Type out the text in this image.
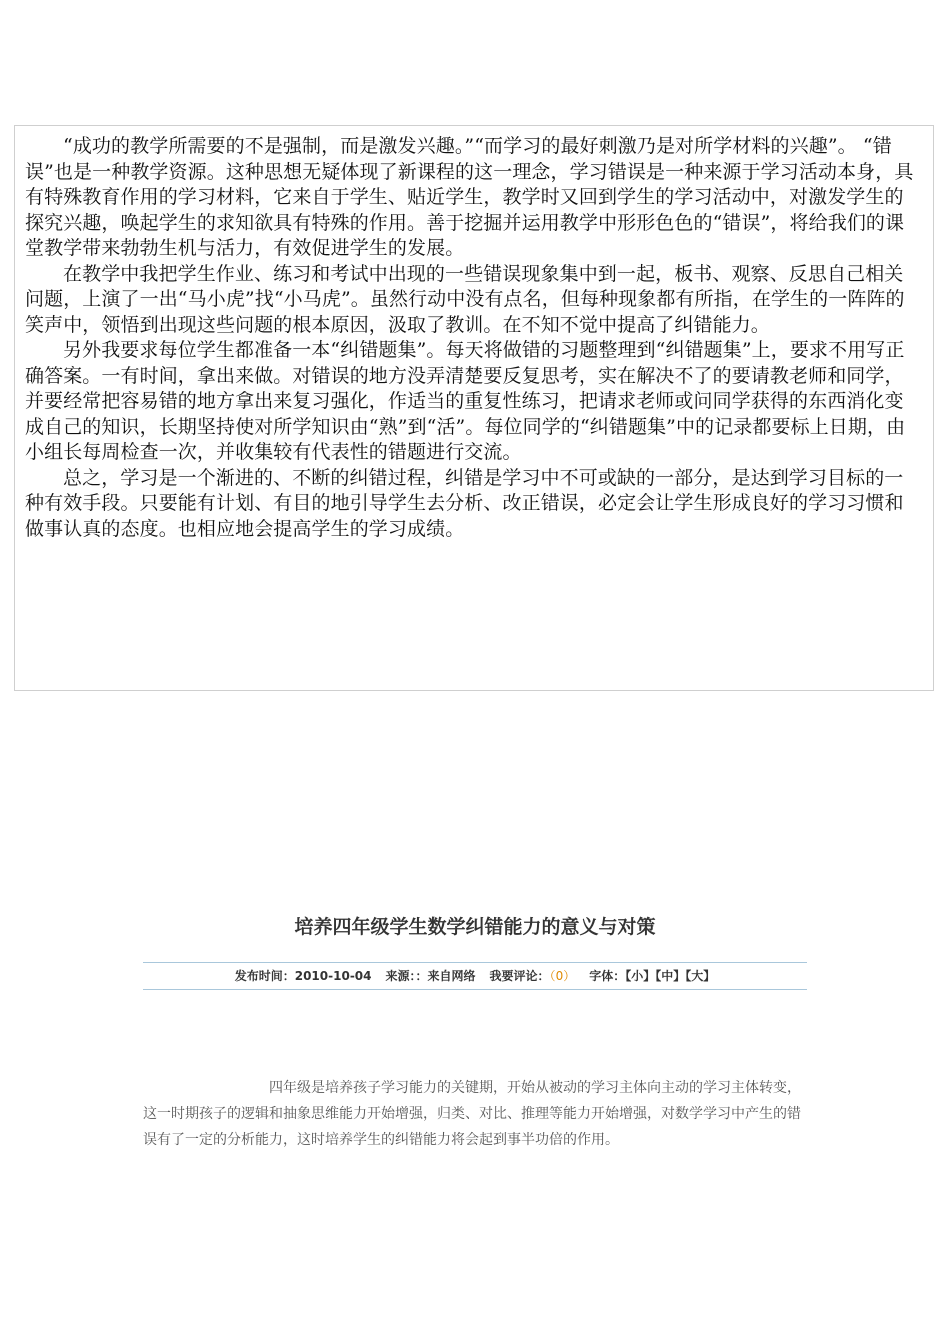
“成功的教学所需要的不是强制，而是激发兴趣。”“而学习的最好刺激乃是对所学材料的兴趣”。 “错误”也是一种教学资源。这种思想无疑体现了新课程的这一理念，学习错误是一种来源于学习活动本身，具有特殊教育作用的学习材料，它来自于学生、贴近学生，教学时又回到学生的学习活动中，对激发学生的探究兴趣，唤起学生的求知欲具有特殊的作用。善于挖掘并运用教学中形形色色的“错误”，将给我们的课堂教学带来勃勃生机与活力，有效促进学生的发展。

在教学中我把学生作业、练习和考试中出现的一些错误现象集中到一起，板书、观察、反思自己相关问题，上演了一出“马小虎”找“小马虎”。虽然行动中没有点名，但每种现象都有所指，在学生的一阵阵的笑声中，领悟到出现这些问题的根本原因，汲取了教训。在不知不觉中提高了纠错能力。

另外我要求每位学生都准备一本“纠错题集”。每天将做错的习题整理到“纠错题集”上，要求不用写正确答案。一有时间，拿出来做。对错误的地方没弄清楚要反复思考，实在解决不了的要请教老师和同学，并要经常把容易错的地方拿出来复习强化，作适当的重复性练习，把请求老师或问同学获得的东西消化变成自己的知识，长期坚持使对所学知识由“熟”到“活”。每位同学的“纠错题集”中的记录都要标上日期，由小组长每周检查一次，并收集较有代表性的错题进行交流。

总之，学习是一个渐进的、不断的纠错过程，纠错是学习中不可或缺的一部分，是达到学习目标的一种有效手段。只要能有计划、有目的地引导学生去分析、改正错误，必定会让学生形成良好的学习习惯和做事认真的态度。也相应地会提高学生的学习成绩。

培养四年级学生数学纠错能力的意义与对策
发布时间：2010-10-04 来源：：来自网络 我要评论：（0） 字体：【小】【中】【大】

四年级是培养孩子学习能力的关键期，开始从被动的学习主体向主动的学习主体转变，这一时期孩子的逻辑和抽象思维能力开始增强，归类、对比、推理等能力开始增强，对数学学习中产生的错误有了一定的分析能力，这时培养学生的纠错能力将会起到事半功倍的作用。
